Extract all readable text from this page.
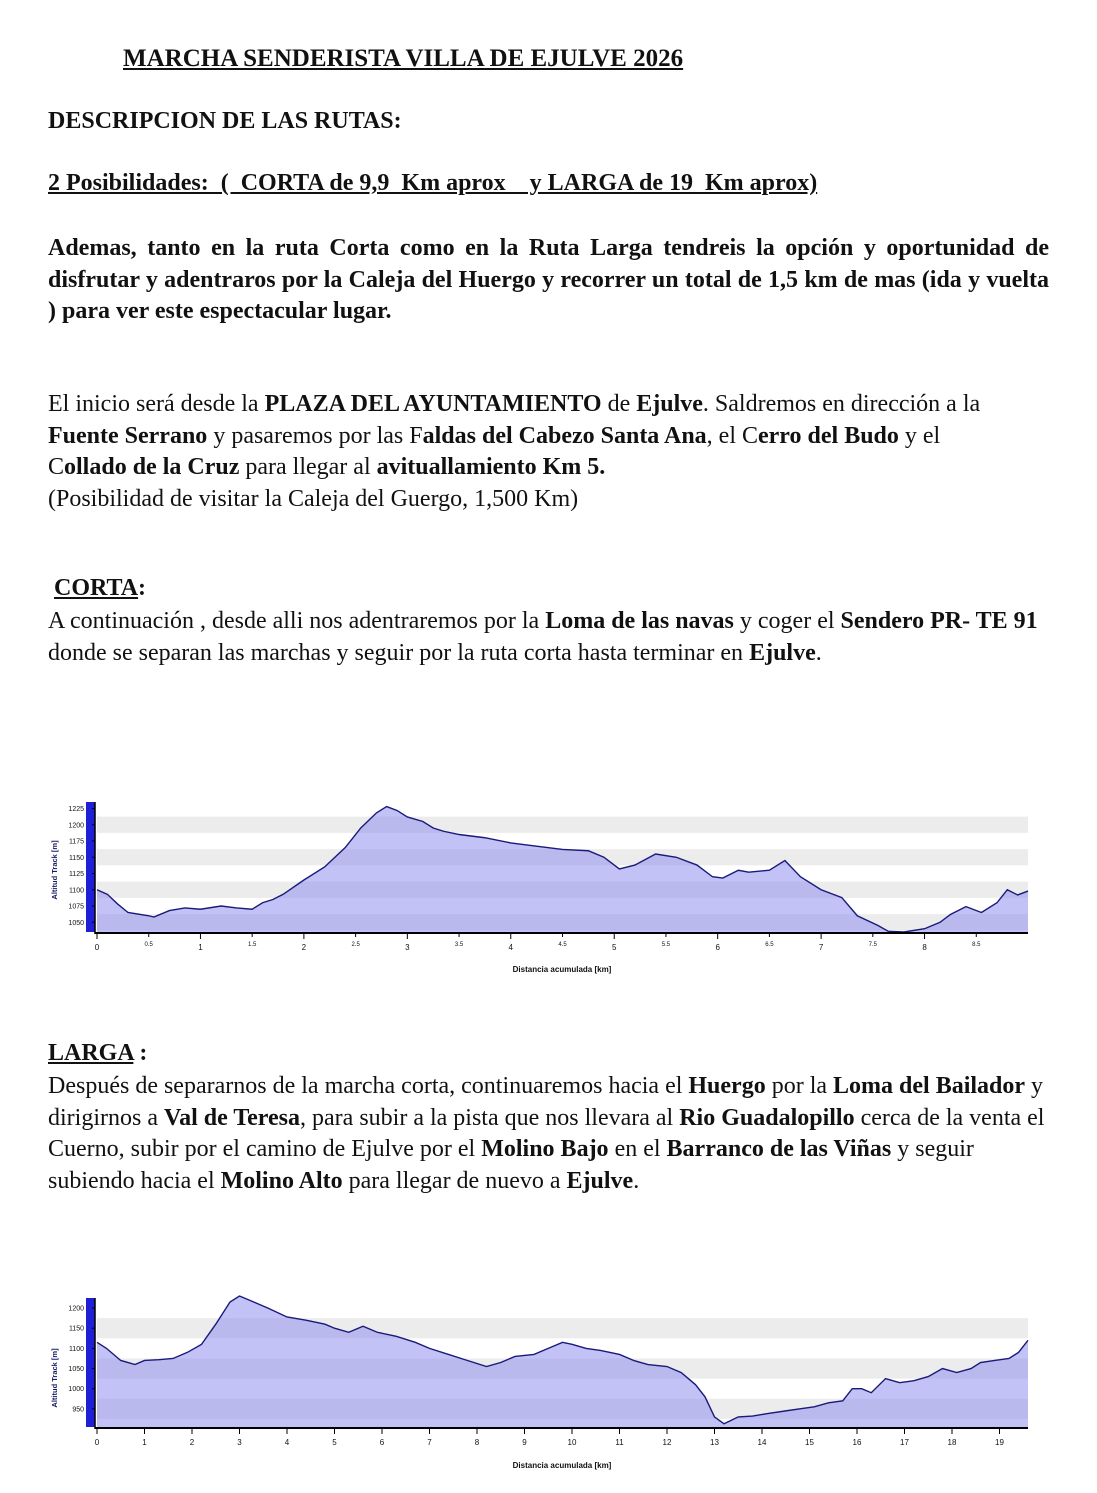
MARCHA SENDERISTA VILLA DE EJULVE 2026
DESCRIPCION DE LAS RUTAS:
2 Posibilidades:  (  CORTA de 9,9  Km aprox    y LARGA de 19  Km aprox)
Ademas, tanto en la ruta Corta como en la Ruta Larga tendreis la opción y oportunidad de disfrutar y adentraros por la Caleja del Huergo y recorrer un total de 1,5 km de mas (ida y vuelta ) para ver este espectacular lugar.
El inicio será desde la PLAZA DEL AYUNTAMIENTO de Ejulve. Saldremos en dirección a la Fuente Serrano y pasaremos por las Faldas del Cabezo Santa Ana, el Cerro del Budo y el Collado de la Cruz para llegar al avituallamiento Km 5.
(Posibilidad de visitar la Caleja del Guergo, 1,500 Km)
CORTA:
A continuación , desde alli nos adentraremos por la Loma de las navas y coger el Sendero PR- TE 91 donde se separan las marchas y seguir por la ruta corta hasta terminar en Ejulve.
1050
1075
1100
1125
1150
1175
1200
1225
0	0.5	1	1.5	2	2.5	3	3.5	4	4.5	5	5.5	6	6.5	7	7.5	8	8.5
Altitud Track [m]
Distancia acumulada [km]
LARGA :
Después de separarnos de la marcha corta, continuaremos hacia el Huergo por la Loma del Bailador y dirigirnos a Val de Teresa, para subir a la pista que nos llevara al Rio Guadalopillo cerca de la venta el Cuerno, subir por el camino de Ejulve por el Molino Bajo en el Barranco de las Viñas y seguir subiendo hacia el Molino Alto para llegar de nuevo a Ejulve.
950
1000
1050
1100
1150
1200
0	1	2	3	4	5	6	7	8	9	10	11	12	13	14	15	16	17	18	19
Altitud Track [m]
Distancia acumulada [km]
